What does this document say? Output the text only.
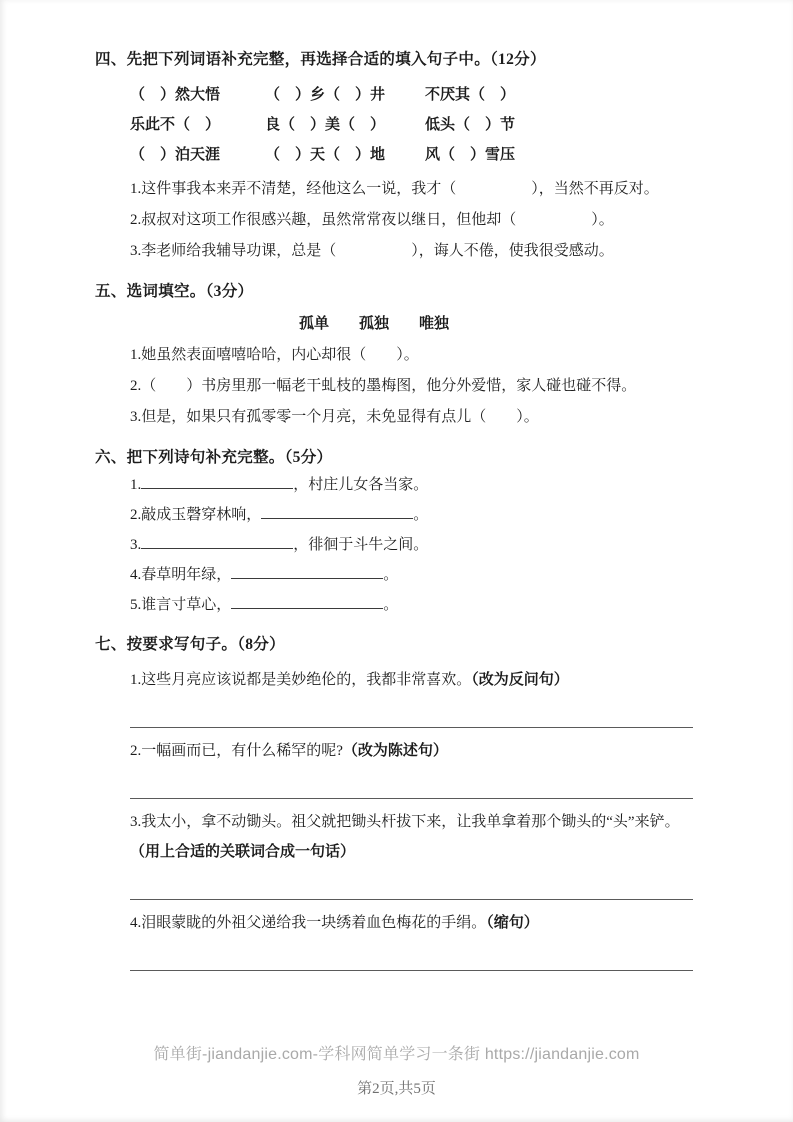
四、先把下列词语补充完整，再选择合适的填入句子中。（12分）
（　）然大悟	（　）乡（　）井	不厌其（　）
乐此不（　）	良（　）美（　）	低头（　）节
（　）泊天涯	（　）天（　）地	风（　）雪压

1.这件事我本来弄不清楚，经他这么一说，我才（　　　　　），当然不再反对。

2.叔叔对这项工作很感兴趣，虽然常常夜以继日，但他却（　　　　　）。

3.李老师给我辅导功课，总是（　　　　　），诲人不倦，使我很受感动。

五、选词填空。（3分）
孤单　　孤独　　唯独

1.她虽然表面嘻嘻哈哈，内心却很（　　）。

2.（　　）书房里那一幅老干虬枝的墨梅图，他分外爱惜，家人碰也碰不得。

3.但是，如果只有孤零零一个月亮，未免显得有点儿（　　）。

六、把下列诗句补充完整。（5分）

1.	，村庄儿女各当家。

2.敲成玉磬穿林响，	。

3.	，徘徊于斗牛之间。

4.春草明年绿，	。

5.谁言寸草心，	。

七、按要求写句子。（8分）

1.这些月亮应该说都是美妙绝伦的，我都非常喜欢。（改为反问句）

2.一幅画而已，有什么稀罕的呢?（改为陈述句）

3.我太小，拿不动锄头。祖父就把锄头杆拔下来，让我单拿着那个锄头的“头”来铲。（用上合适的关联词合成一句话）

4.泪眼蒙眬的外祖父递给我一块绣着血色梅花的手绢。（缩句）

简单街-jiandanjie.com-学科网简单学习一条街 https://jiandanjie.com
第2页,共5页
